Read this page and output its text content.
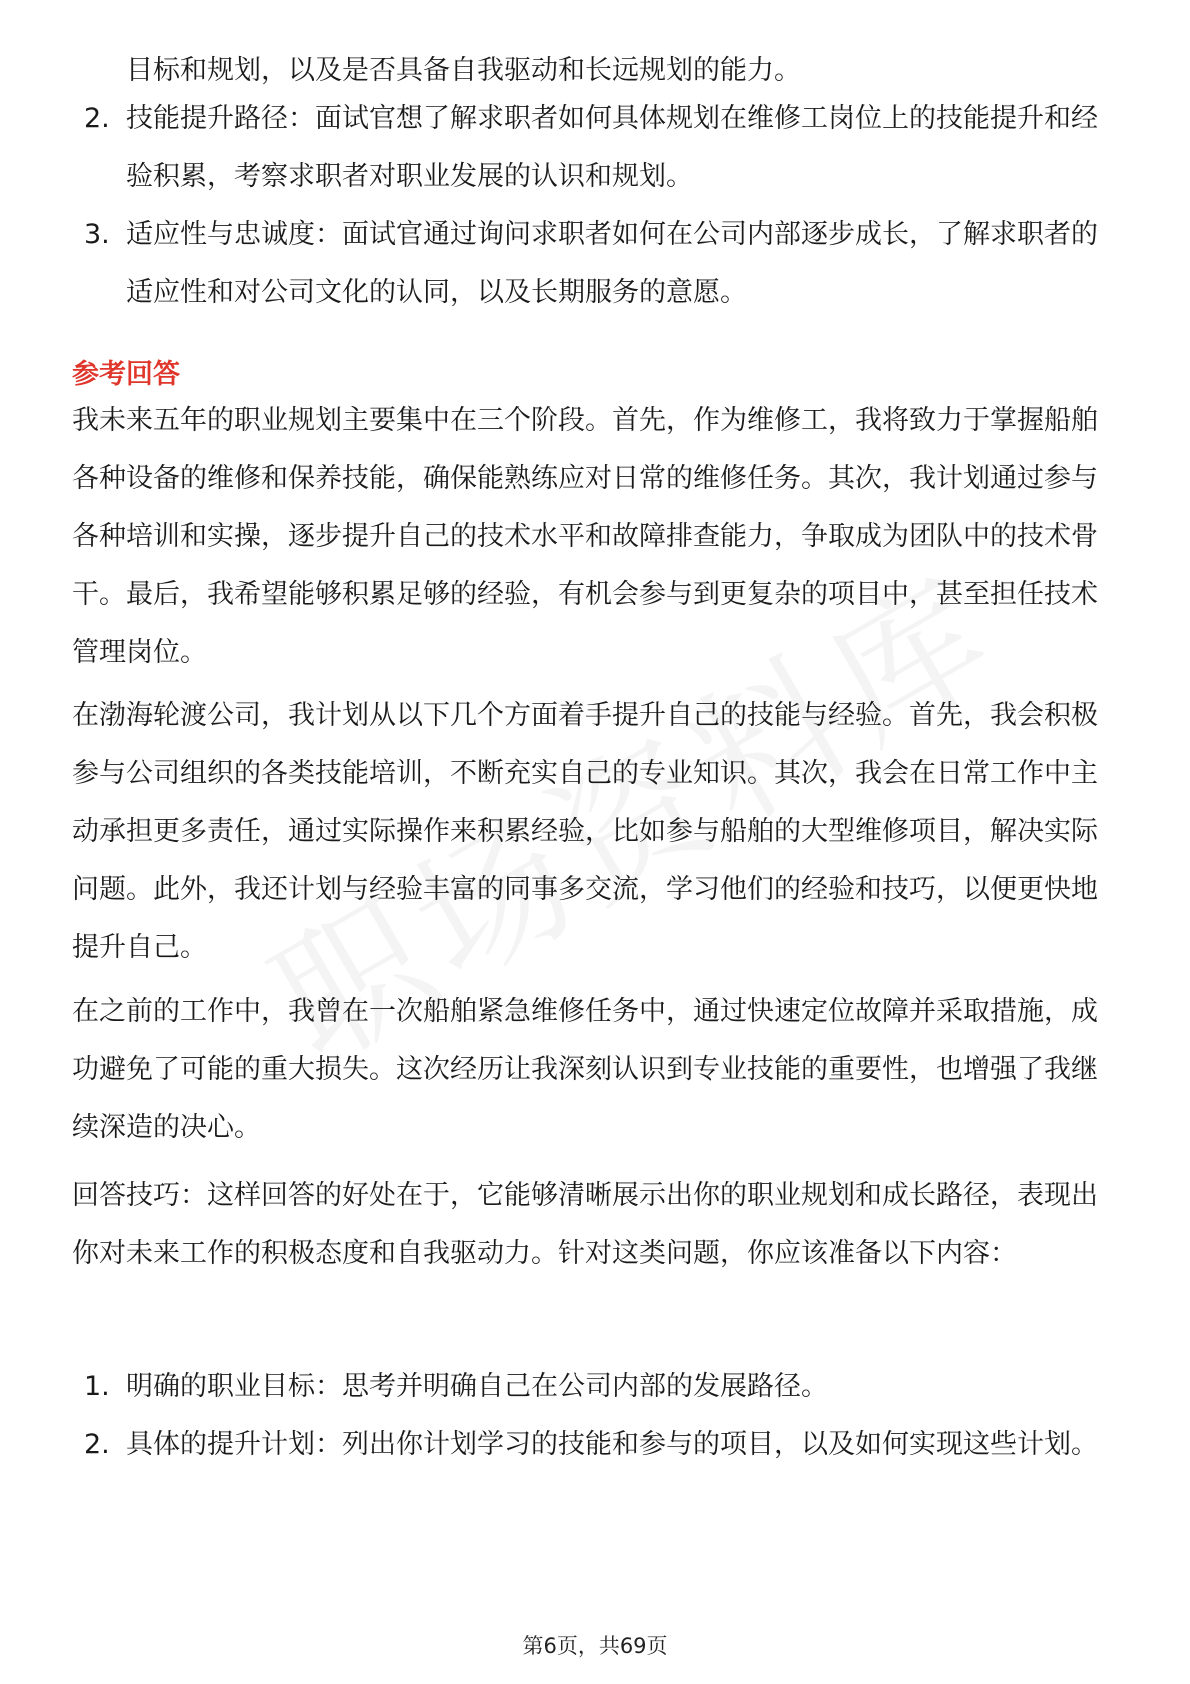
目标和规划，以及是否具备自我驱动和长远规划的能力。
2. 技能提升路径：面试官想了解求职者如何具体规划在维修工岗位上的技能提升和经验积累，考察求职者对职业发展的认识和规划。
3. 适应性与忠诚度：面试官通过询问求职者如何在公司内部逐步成长，了解求职者的适应性和对公司文化的认同，以及长期服务的意愿。
参考回答

我未来五年的职业规划主要集中在三个阶段。首先，作为维修工，我将致力于掌握船舶各种设备的维修和保养技能，确保能熟练应对日常的维修任务。其次，我计划通过参与各种培训和实操，逐步提升自己的技术水平和故障排查能力，争取成为团队中的技术骨干。最后，我希望能够积累足够的经验，有机会参与到更复杂的项目中，甚至担任技术管理岗位。

在渤海轮渡公司，我计划从以下几个方面着手提升自己的技能与经验。首先，我会积极参与公司组织的各类技能培训，不断充实自己的专业知识。其次，我会在日常工作中主动承担更多责任，通过实际操作来积累经验，比如参与船舶的大型维修项目，解决实际问题。此外，我还计划与经验丰富的同事多交流，学习他们的经验和技巧，以便更快地提升自己。

在之前的工作中，我曾在一次船舶紧急维修任务中，通过快速定位故障并采取措施，成功避免了可能的重大损失。这次经历让我深刻认识到专业技能的重要性，也增强了我继续深造的决心。

回答技巧：这样回答的好处在于，它能够清晰展示出你的职业规划和成长路径，表现出你对未来工作的积极态度和自我驱动力。针对这类问题，你应该准备以下内容：

1. 明确的职业目标：思考并明确自己在公司内部的发展路径。
2. 具体的提升计划：列出你计划学习的技能和参与的项目，以及如何实现这些计划。
第6页，共69页
